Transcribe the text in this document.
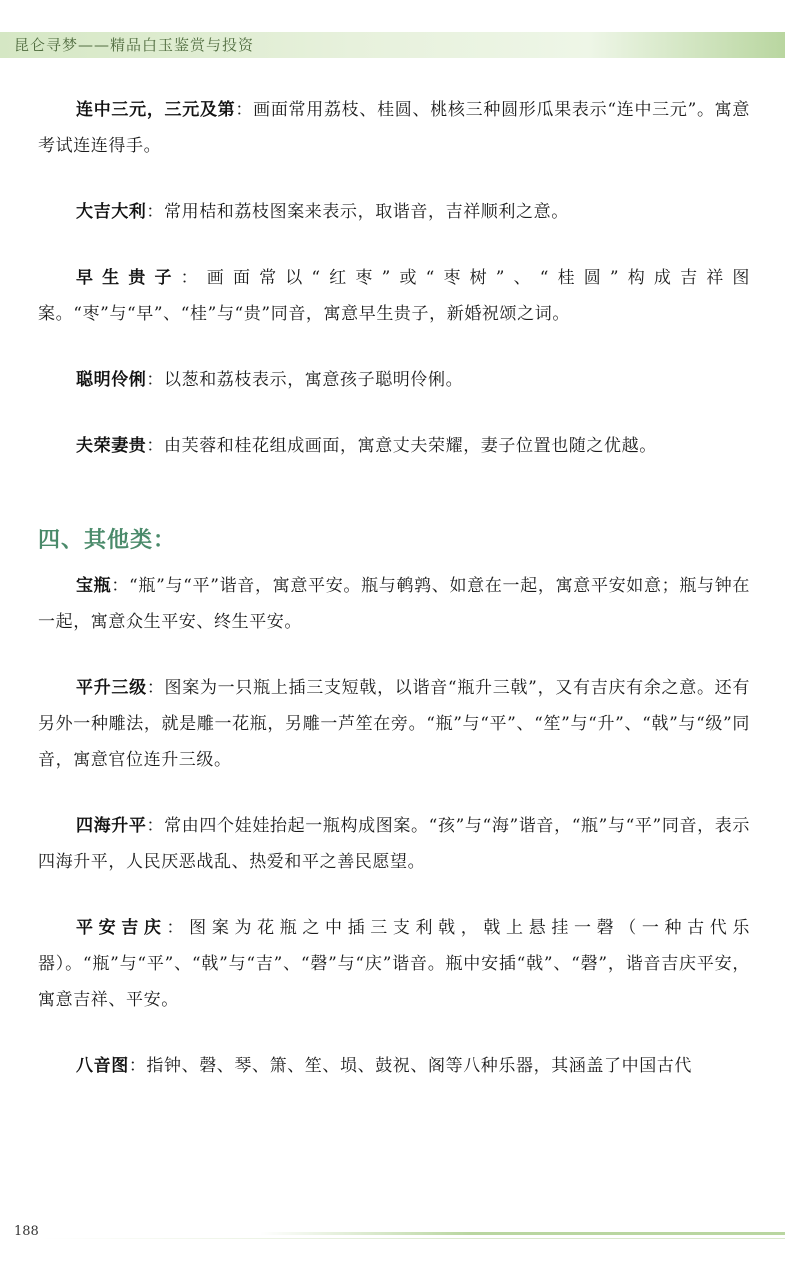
昆仑寻梦——精品白玉鉴赏与投资

连中三元，三元及第：画面常用荔枝、桂圆、桃核三种圆形瓜果表示“连中三元”。寓意考试连连得手。

大吉大利：常用桔和荔枝图案来表示，取谐音，吉祥顺利之意。

早生贵子：画面常以“红枣”或“枣树”、“桂圆”构成吉祥图案。“枣”与“早”、“桂”与“贵”同音，寓意早生贵子，新婚祝颂之词。

聪明伶俐：以葱和荔枝表示，寓意孩子聪明伶俐。

夫荣妻贵：由芙蓉和桂花组成画面，寓意丈夫荣耀，妻子位置也随之优越。

四、其他类：

宝瓶：“瓶”与“平”谐音，寓意平安。瓶与鹌鹑、如意在一起，寓意平安如意；瓶与钟在一起，寓意众生平安、终生平安。

平升三级：图案为一只瓶上插三支短戟，以谐音“瓶升三戟”，又有吉庆有余之意。还有另外一种雕法，就是雕一花瓶，另雕一芦笙在旁。“瓶”与“平”、“笙”与“升”、“戟”与“级”同音，寓意官位连升三级。

四海升平：常由四个娃娃抬起一瓶构成图案。“孩”与“海”谐音，“瓶”与“平”同音，表示四海升平，人民厌恶战乱、热爱和平之善民愿望。

平安吉庆：图案为花瓶之中插三支利戟，戟上悬挂一磬（一种古代乐器）。“瓶”与“平”、“戟”与“吉”、“磬”与“庆”谐音。瓶中安插“戟”、“磬”，谐音吉庆平安，寓意吉祥、平安。

八音图：指钟、磬、琴、箫、笙、埙、鼓祝、阁等八种乐器，其涵盖了中国古代

188
